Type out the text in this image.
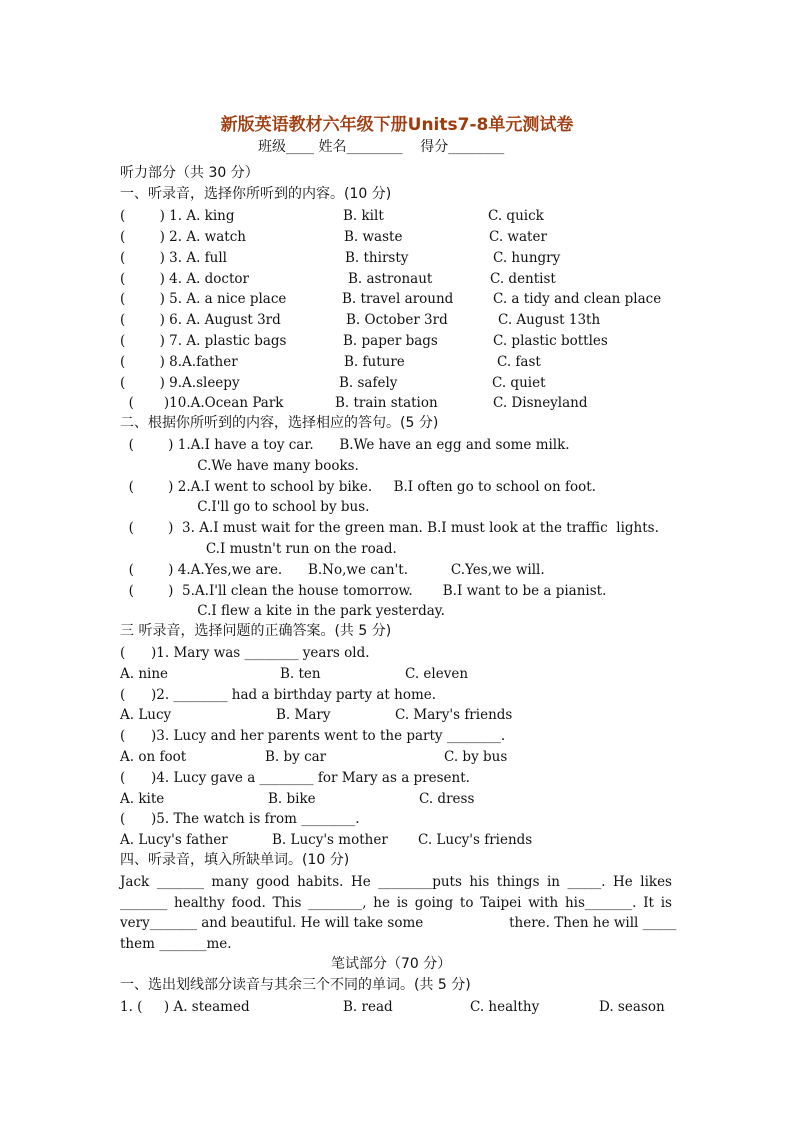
新版英语教材六年级下册Units7-8单元测试卷
班级____ 姓名________    得分________
听力部分（共 30 分）
一、听录音，选择你所听到的内容。(10 分)
(        ) 1. A. king	B. kilt	C. quick
(        ) 2. A. watch	B. waste	C. water
(        ) 3. A. full	B. thirsty	C. hungry
(        ) 4. A. doctor	B. astronaut	C. dentist
(        ) 5. A. a nice place	B. travel around	C. a tidy and clean place
(        ) 6. A. August 3rd	B. October 3rd	C. August 13th
(        ) 7. A. plastic bags	B. paper bags	C. plastic bottles
(        ) 8.A.father	B. future	C. fast
(        ) 9.A.sleepy	B. safely	C. quiet
(       )10.A.Ocean Park	B. train station	C. Disneyland
二、根据你所听到的内容，选择相应的答句。(5 分)
(        ) 1.A.I have a toy car.      B.We have an egg and some milk.
C.We have many books.
(        ) 2.A.I went to school by bike.     B.I often go to school on foot.
C.I'll go to school by bus.
(        )  3. A.I must wait for the green man. B.I must look at the traffic  lights.
C.I mustn't run on the road.
(        ) 4.A.Yes,we are.      B.No,we can't.          C.Yes,we will.
(        )  5.A.I'll clean the house tomorrow.       B.I want to be a pianist.
C.I flew a kite in the park yesterday.
三 听录音，选择问题的正确答案。(共 5 分)
(      )1. Mary was ________ years old.
A. nine	B. ten	C. eleven
(      )2. ________ had a birthday party at home.
A. Lucy	B. Mary	C. Mary's friends
(      )3. Lucy and her parents went to the party ________.
A. on foot	B. by car	C. by bus
(      )4. Lucy gave a ________ for Mary as a present.
A. kite	B. bike	C. dress
(      )5. The watch is from ________.
A. Lucy's father	B. Lucy's mother C. Lucy's friends
四、听录音，填入所缺单词。(10 分)
Jack _______ many good habits. He ________puts his things in _____. He likes
_______ healthy food. This ________, he is going to Taipei with his_______. It is
very_______ and beautiful. He will take some                    there. Then he will _____
them _______me.
笔试部分（70 分）
一、选出划线部分读音与其余三个不同的单词。(共 5 分)
1. (     ) A. steamed	B. read	C. healthy	D. season
